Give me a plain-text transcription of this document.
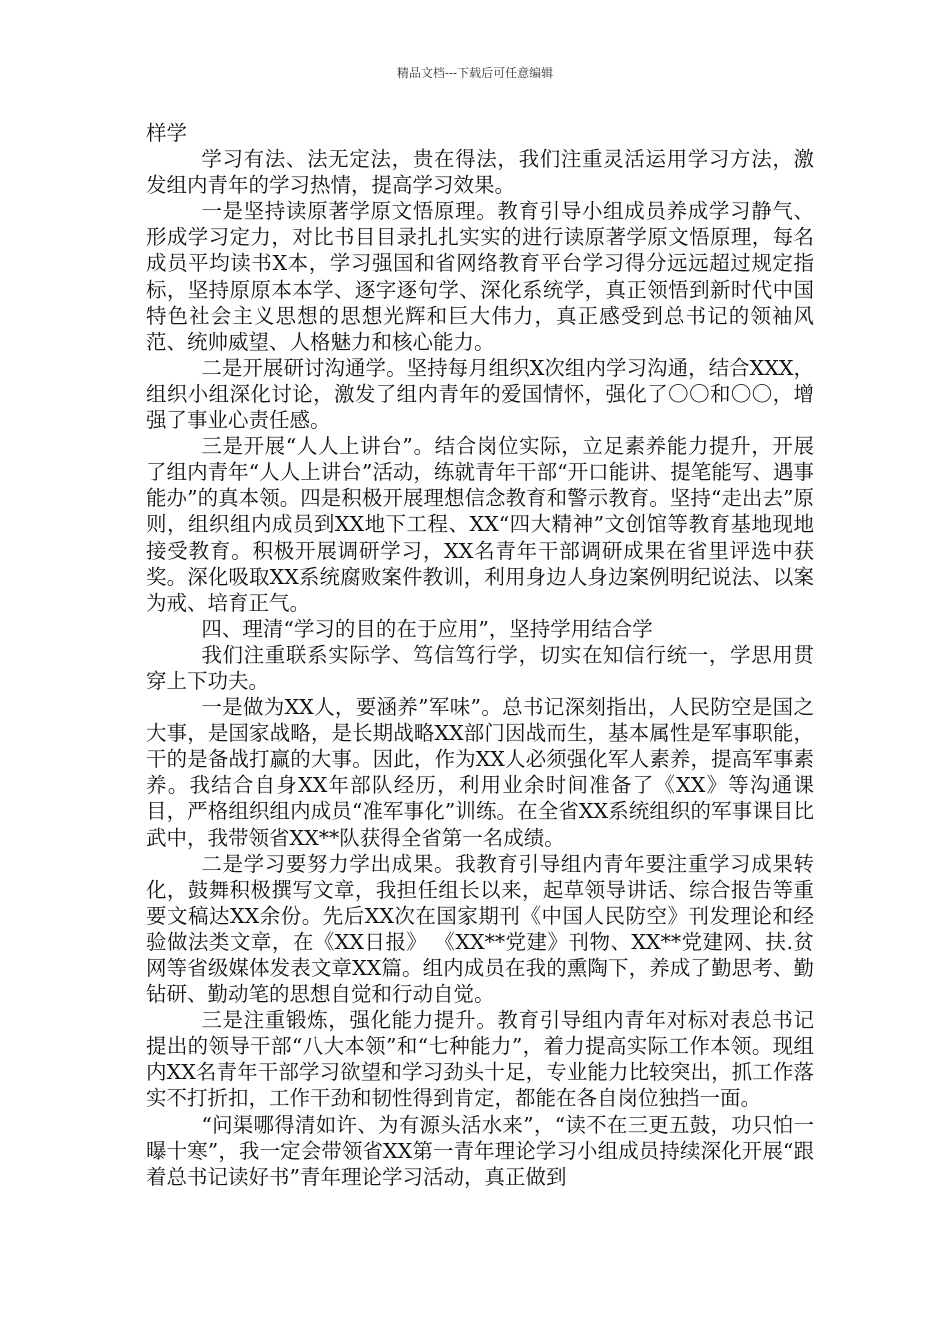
精品文档---下载后可任意编辑

样学

学习有法、法无定法，贵在得法，我们注重灵活运用学习方法，激发组内青年的学习热情，提高学习效果。

一是坚持读原著学原文悟原理。教育引导小组成员养成学习静气、形成学习定力，对比书目目录扎扎实实的进行读原著学原文悟原理，每名成员平均读书X本，学习强国和省网络教育平台学习得分远远超过规定指标，坚持原原本本学、逐字逐句学、深化系统学，真正领悟到新时代中国特色社会主义思想的思想光辉和巨大伟力，真正感受到总书记的领袖风范、统帅威望、人格魅力和核心能力。

二是开展研讨沟通学。坚持每月组织X次组内学习沟通，结合XXX，组织小组深化讨论，激发了组内青年的爱国情怀，强化了〇〇和〇〇，增强了事业心责任感。

三是开展“人人上讲台”。结合岗位实际，立足素养能力提升，开展了组内青年“人人上讲台”活动，练就青年干部“开口能讲、提笔能写、遇事能办”的真本领。四是积极开展理想信念教育和警示教育。坚持“走出去”原则，组织组内成员到XX地下工程、XX“四大精神”文创馆等教育基地现地接受教育。积极开展调研学习，XX名青年干部调研成果在省里评选中获奖。深化吸取XX系统腐败案件教训，利用身边人身边案例明纪说法、以案为戒、培育正气。

四、理清“学习的目的在于应用”，坚持学用结合学

我们注重联系实际学、笃信笃行学，切实在知信行统一，学思用贯穿上下功夫。

一是做为XX人，要涵养”军味”。总书记深刻指出，人民防空是国之大事，是国家战略，是长期战略XX部门因战而生，基本属性是军事职能，干的是备战打赢的大事。因此，作为XX人必须强化军人素养，提高军事素养。我结合自身XX年部队经历，利用业余时间准备了《XX》等沟通课目，严格组织组内成员“准军事化”训练。在全省XX系统组织的军事课目比武中，我带领省XX**队获得全省第一名成绩。

二是学习要努力学出成果。我教育引导组内青年要注重学习成果转化，鼓舞积极撰写文章，我担任组长以来，起草领导讲话、综合报告等重要文稿达XX余份。先后XX次在国家期刊《中国人民防空》刊发理论和经验做法类文章，在《XX日报》 《XX**党建》刊物、XX**党建网、扶.贫网等省级媒体发表文章XX篇。组内成员在我的熏陶下，养成了勤思考、勤钻研、勤动笔的思想自觉和行动自觉。

三是注重锻炼，强化能力提升。教育引导组内青年对标对表总书记提出的领导干部“八大本领”和“七种能力”，着力提高实际工作本领。现组内XX名青年干部学习欲望和学习劲头十足，专业能力比较突出，抓工作落实不打折扣，工作干劲和韧性得到肯定，都能在各自岗位独挡一面。

“问渠哪得清如许、为有源头活水来”，“读不在三更五鼓，功只怕一曝十寒”，我一定会带领省XX第一青年理论学习小组成员持续深化开展“跟着总书记读好书”青年理论学习活动，真正做到
